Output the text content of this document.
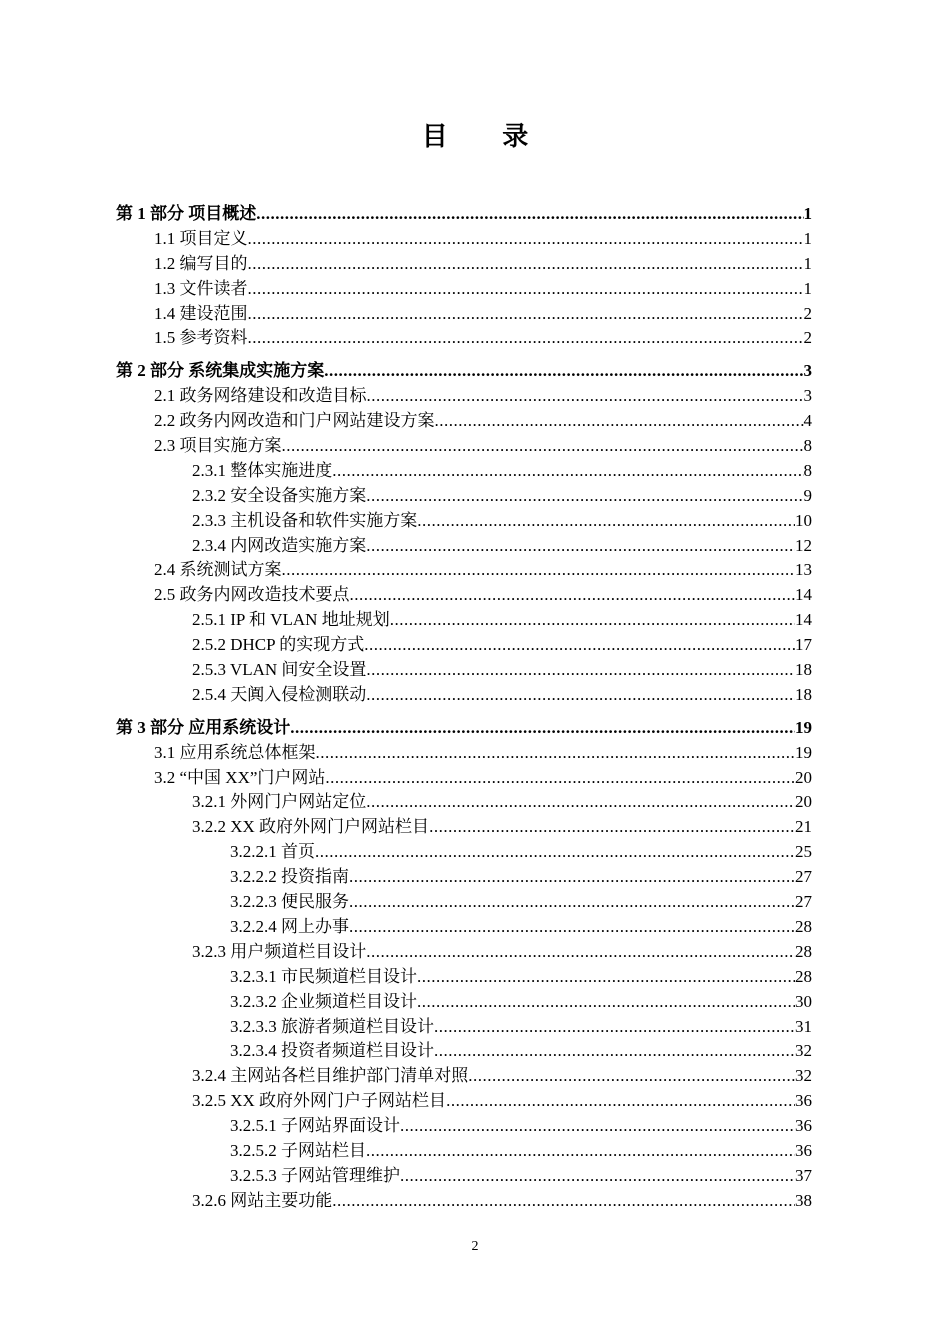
目 录
第 1 部分 项目概述 .....	1
1.1 项目定义 .....	1
1.2 编写目的 .....	1
1.3 文件读者 .....	1
1.4 建设范围 .....	2
1.5 参考资料 .....	2
第 2 部分 系统集成实施方案 .....	3
2.1 政务网络建设和改造目标 .....	3
2.2 政务内网改造和门户网站建设方案 .....	4
2.3 项目实施方案 .....	8
2.3.1 整体实施进度 .....	8
2.3.2 安全设备实施方案 .....	9
2.3.3 主机设备和软件实施方案 .....	10
2.3.4 内网改造实施方案 .....	12
2.4 系统测试方案 .....	13
2.5 政务内网改造技术要点 .....	14
2.5.1 IP 和 VLAN 地址规划 .....	14
2.5.2 DHCP 的实现方式 .....	17
2.5.3 VLAN 间安全设置 .....	18
2.5.4 天阗入侵检测联动 .....	18
第 3 部分 应用系统设计 .....	19
3.1 应用系统总体框架 .....	19
3.2 “中国 XX”门户网站 .....	20
3.2.1 外网门户网站定位 .....	20
3.2.2 XX 政府外网门户网站栏目 .....	21
3.2.2.1 首页 .....	25
3.2.2.2 投资指南 .....	27
3.2.2.3 便民服务 .....	27
3.2.2.4 网上办事 .....	28
3.2.3 用户频道栏目设计 .....	28
3.2.3.1 市民频道栏目设计 .....	28
3.2.3.2 企业频道栏目设计 .....	30
3.2.3.3 旅游者频道栏目设计 .....	31
3.2.3.4 投资者频道栏目设计 .....	32
3.2.4 主网站各栏目维护部门清单对照 .....	32
3.2.5 XX 政府外网门户子网站栏目 .....	36
3.2.5.1 子网站界面设计 .....	36
3.2.5.2 子网站栏目 .....	36
3.2.5.3 子网站管理维护 .....	37
3.2.6 网站主要功能 .....	38
2
